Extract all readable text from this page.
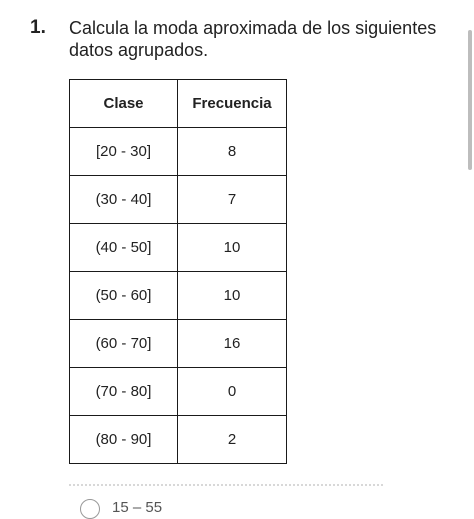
1. Calcula la moda aproximada de los siguientes datos agrupados.
Clase	Frecuencia
[20 - 30]	8
(30 - 40]	7
(40 - 50]	10
(50 - 60]	10
(60 - 70]	16
(70 - 80]	0
(80 - 90]	2
15 – 55
